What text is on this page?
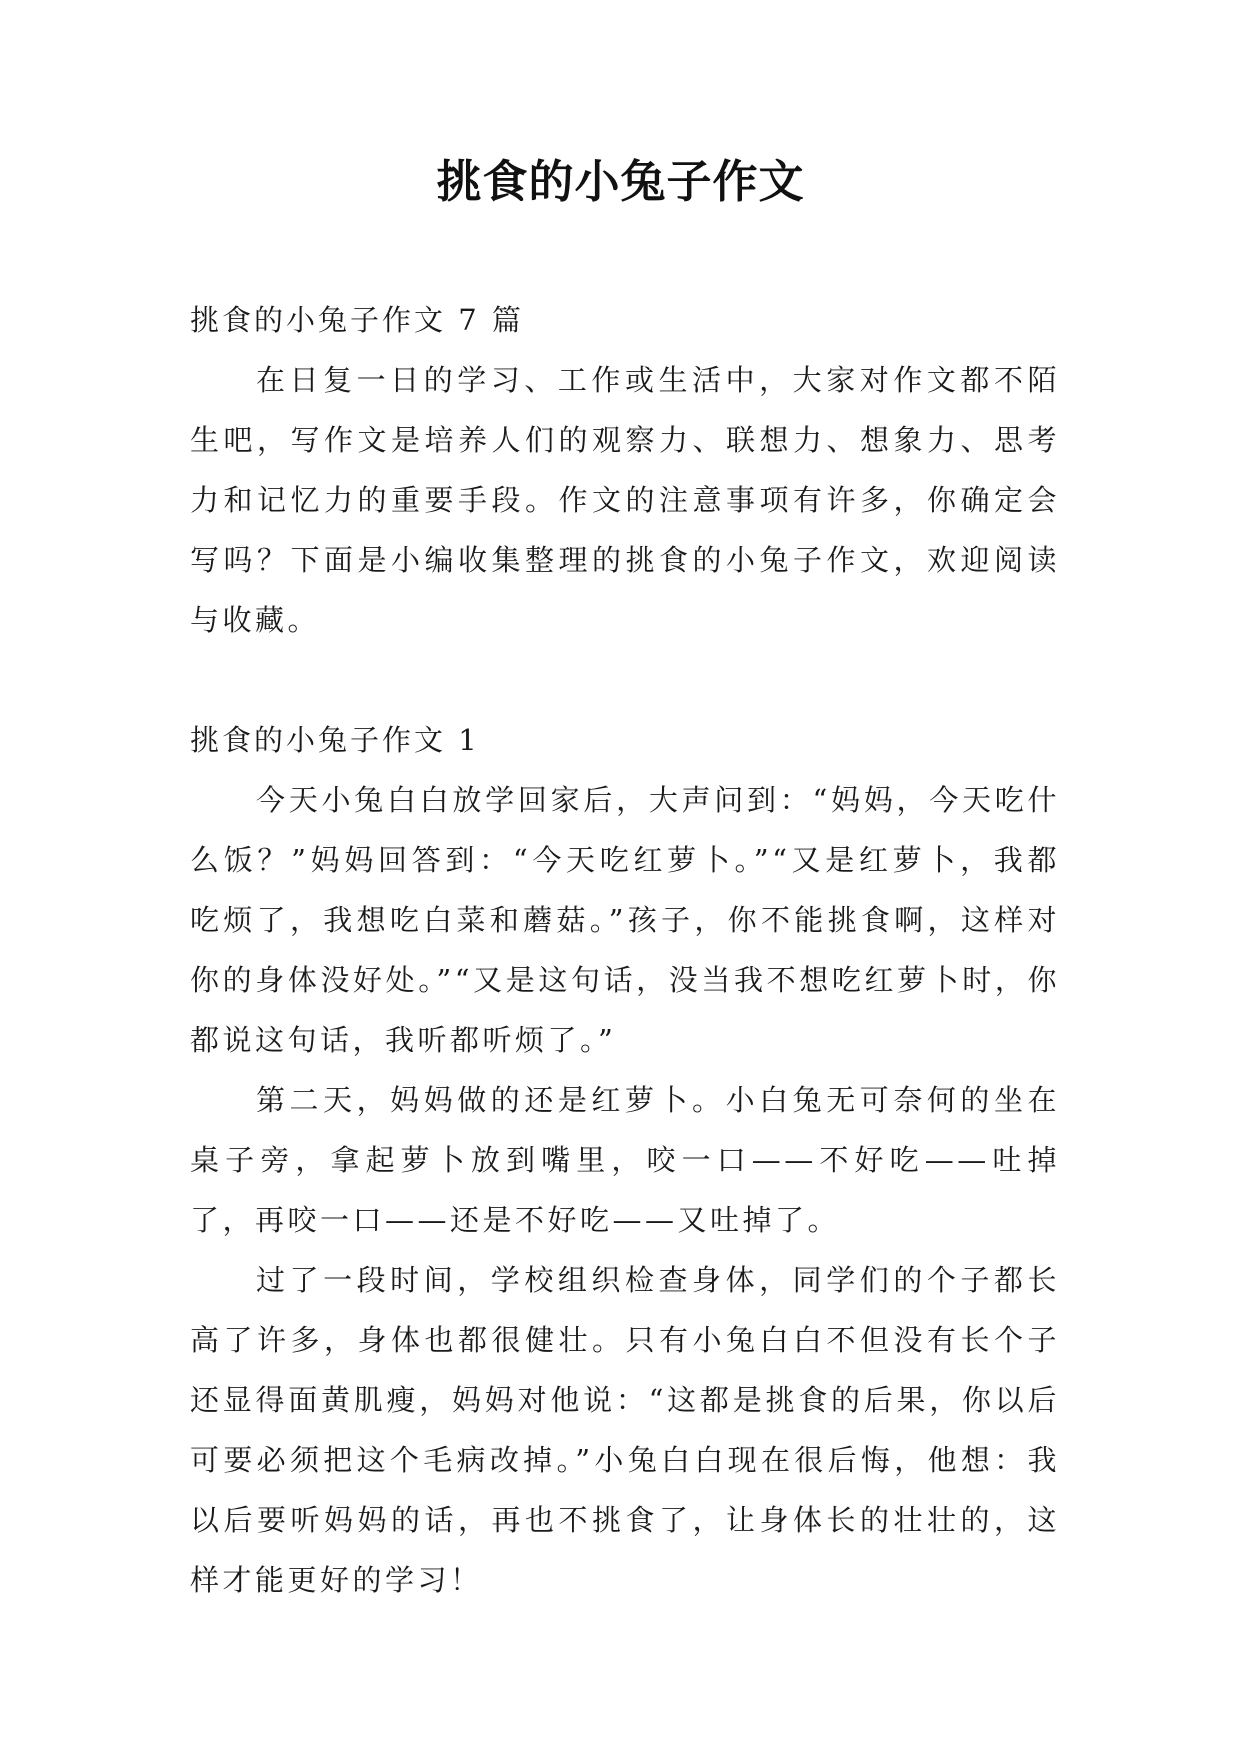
挑食的小兔子作文

挑食的小兔子作文 7 篇

在日复一日的学习、工作或生活中，大家对作文都不陌生吧，写作文是培养人们的观察力、联想力、想象力、思考力和记忆力的重要手段。作文的注意事项有许多，你确定会写吗？下面是小编收集整理的挑食的小兔子作文，欢迎阅读与收藏。

挑食的小兔子作文 1

今天小兔白白放学回家后，大声问到：“妈妈，今天吃什么饭？”妈妈回答到：“今天吃红萝卜。”“又是红萝卜，我都吃烦了，我想吃白菜和蘑菇。”孩子，你不能挑食啊，这样对你的身体没好处。”“又是这句话，没当我不想吃红萝卜时，你都说这句话，我听都听烦了。”

第二天，妈妈做的还是红萝卜。小白兔无可奈何的坐在桌子旁，拿起萝卜放到嘴里，咬一口——不好吃——吐掉了，再咬一口——还是不好吃——又吐掉了。

过了一段时间，学校组织检查身体，同学们的个子都长高了许多，身体也都很健壮。只有小兔白白不但没有长个子还显得面黄肌瘦，妈妈对他说：“这都是挑食的后果，你以后可要必须把这个毛病改掉。”小兔白白现在很后悔，他想：我以后要听妈妈的话，再也不挑食了，让身体长的壮壮的，这样才能更好的学习！
